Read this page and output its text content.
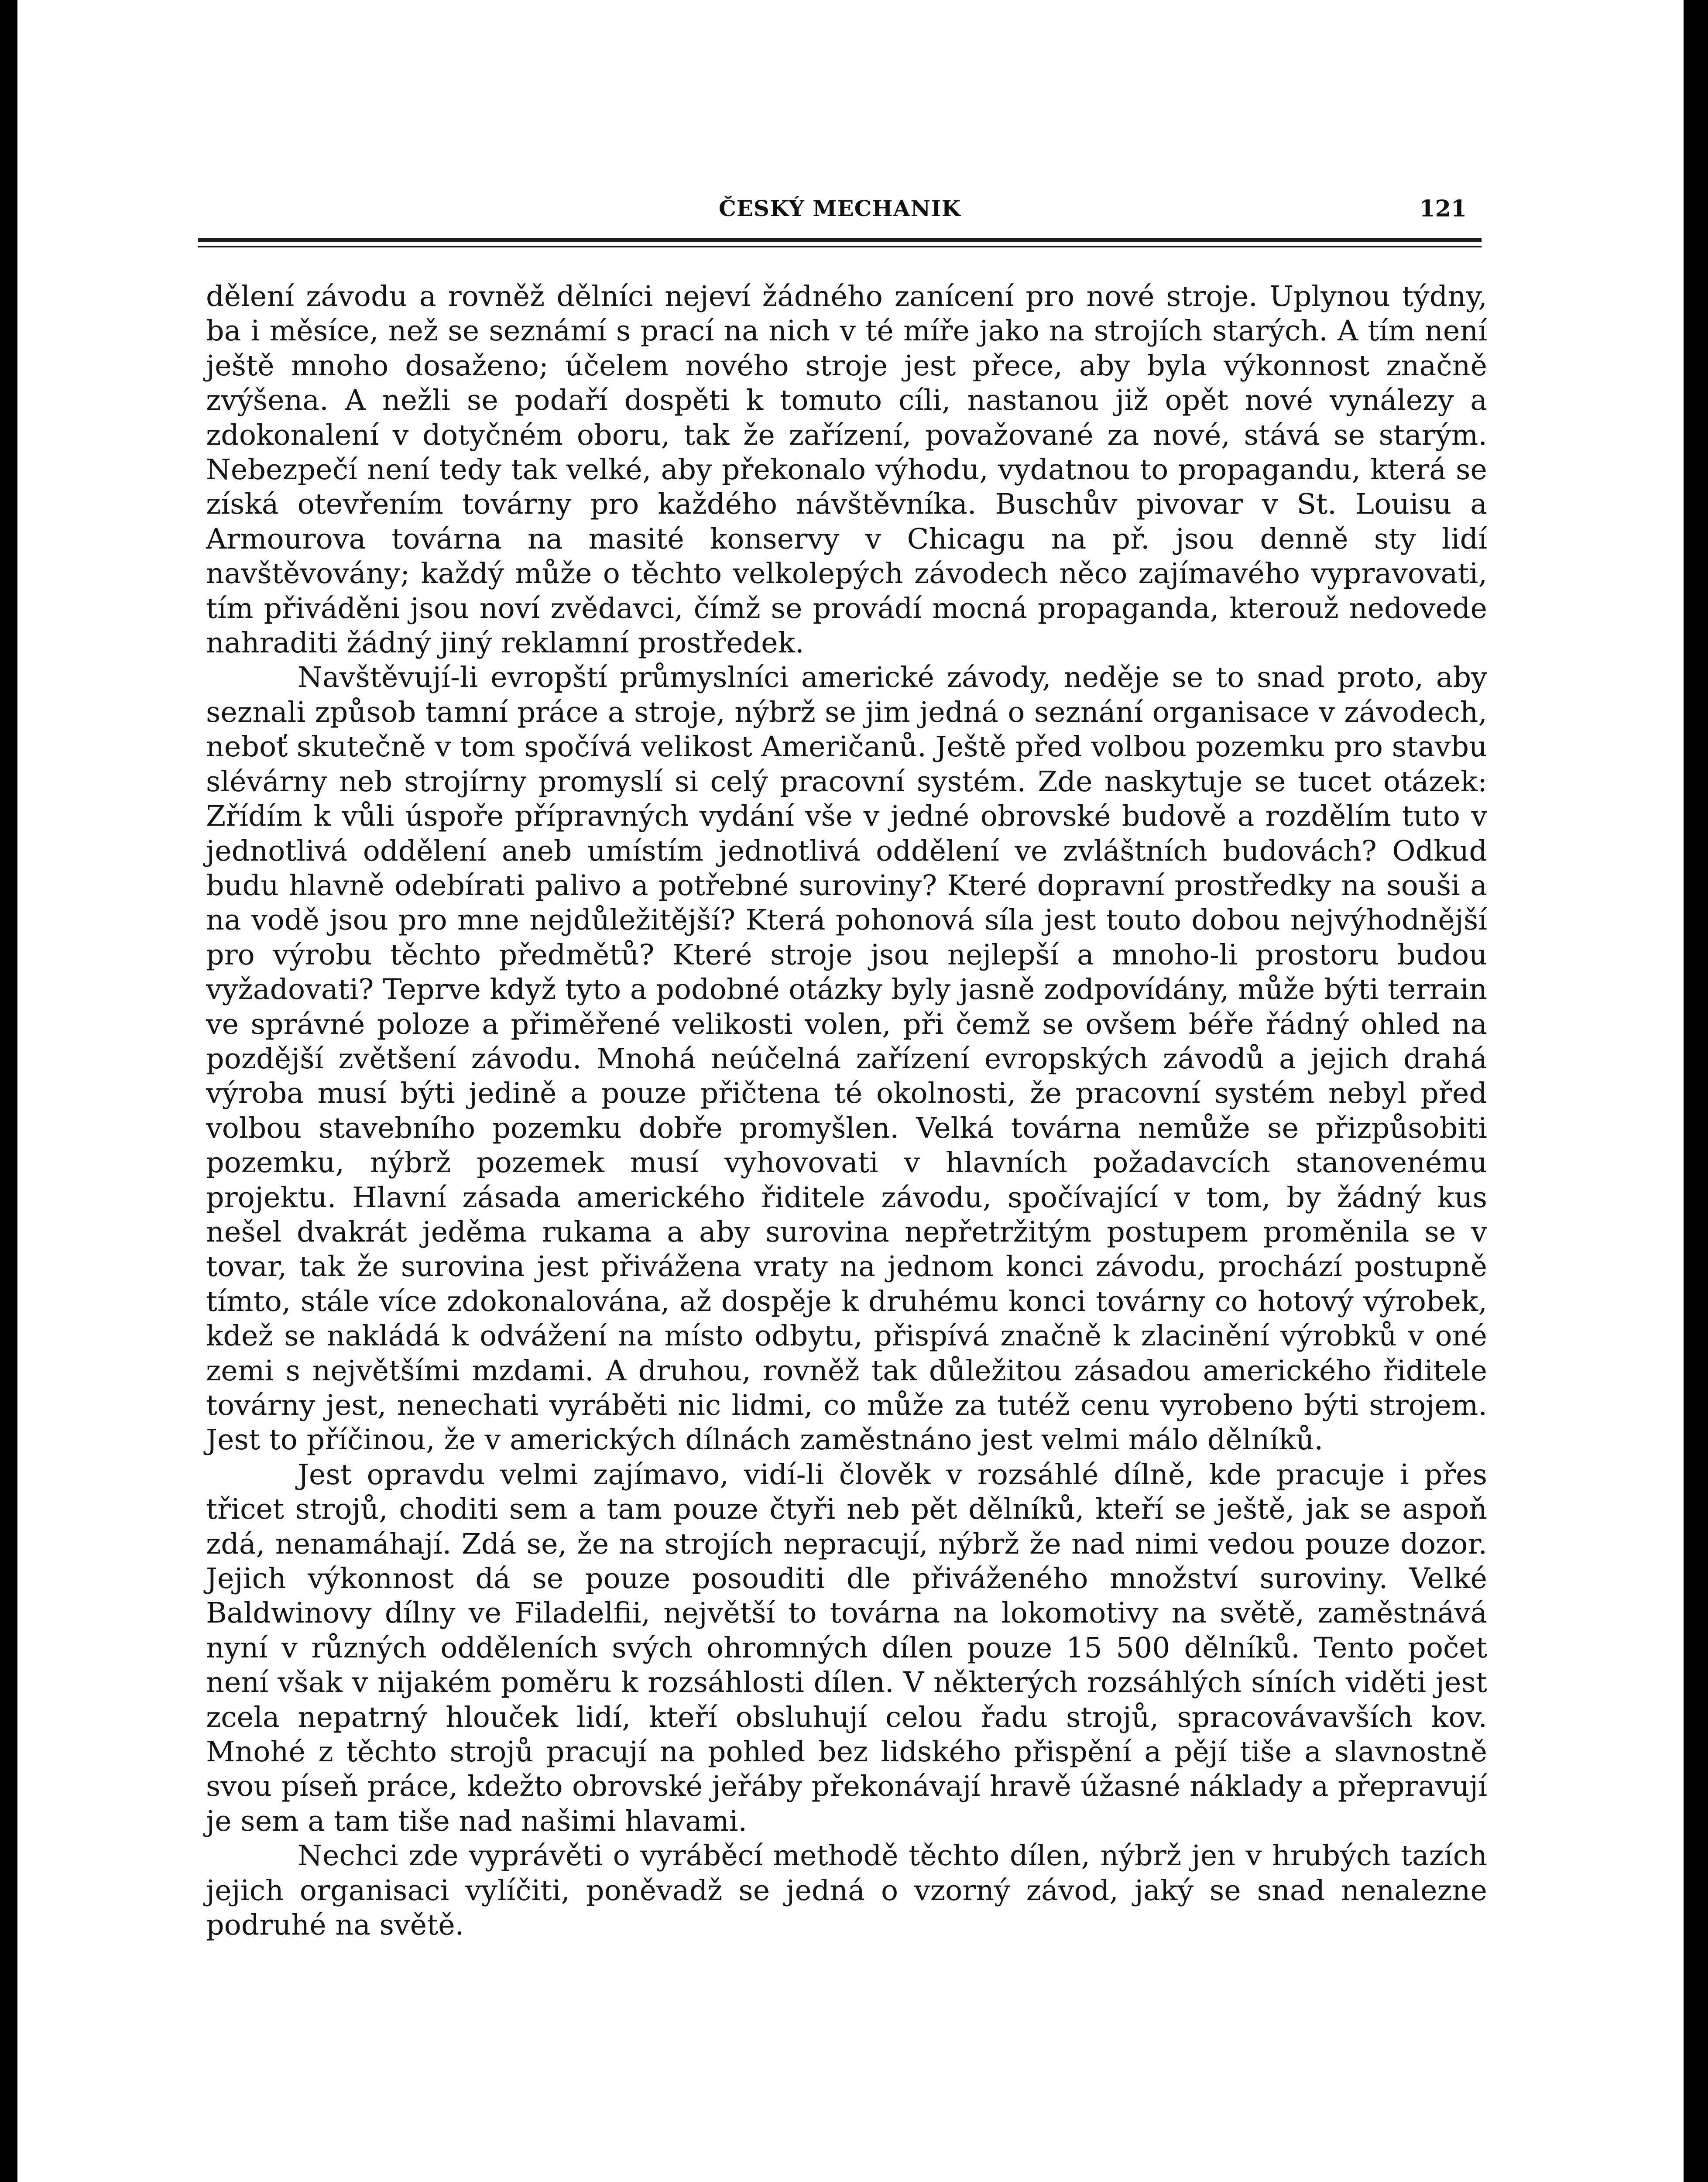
ČESKÝ MECHANIK	121

dělení závodu a rovněž dělníci nejeví žádného zanícení pro nové stroje. Uplynou týdny, ba i měsíce, než se seznámí s prací na nich v té míře jako na strojích starých. A tím není ještě mnoho dosaženo; účelem nového stroje jest přece, aby byla výkonnost značně zvýšena. A nežli se podaří dospěti k tomuto cíli, nastanou již opět nové vynálezy a zdokonalení v dotyčném oboru, tak že zařízení, považované za nové, stává se starým. Nebezpečí není tedy tak velké, aby překonalo výhodu, vydatnou to propagandu, která se získá otevřením továrny pro každého návštěvníka. Buschův pivovar v St. Louisu a Armourova továrna na masité konservy v Chicagu na př. jsou denně sty lidí navštěvovány; každý může o těchto velkolepých závodech něco zajímavého vypravovati, tím přiváděni jsou noví zvědavci, čímž se provádí mocná propaganda, kterouž nedovede nahraditi žádný jiný reklamní prostředek.

Navštěvují-li evropští průmyslníci americké závody, neděje se to snad proto, aby seznali způsob tamní práce a stroje, nýbrž se jim jedná o seznání organisace v závodech, neboť skutečně v tom spočívá velikost Američanů. Ještě před volbou pozemku pro stavbu slévárny neb strojírny promyslí si celý pracovní systém. Zde naskytuje se tucet otázek: Zřídím k vůli úspoře přípravných vydání vše v jedné obrovské budově a rozdělím tuto v jednotlivá oddělení aneb umístím jednotlivá oddělení ve zvláštních budovách? Odkud budu hlavně odebírati palivo a potřebné suroviny? Které dopravní prostředky na souši a na vodě jsou pro mne nejdůležitější? Která pohonová síla jest touto dobou nejvýhodnější pro výrobu těchto předmětů? Které stroje jsou nejlepší a mnoho-li prostoru budou vyžadovati? Teprve když tyto a podobné otázky byly jasně zodpovídány, může býti terrain ve správné poloze a přiměřené velikosti volen, při čemž se ovšem béře řádný ohled na pozdější zvětšení závodu. Mnohá neúčelná zařízení evropských závodů a jejich drahá výroba musí býti jedině a pouze přičtena té okolnosti, že pracovní systém nebyl před volbou stavebního pozemku dobře promyšlen. Velká továrna nemůže se přizpůsobiti pozemku, nýbrž pozemek musí vyhovovati v hlavních požadavcích stanovenému projektu. Hlavní zásada amerického řiditele závodu, spočívající v tom, by žádný kus nešel dvakrát jeděma rukama a aby surovina nepřetržitým postupem proměnila se v tovar, tak že surovina jest přivážena vraty na jednom konci závodu, prochází postupně tímto, stále více zdokonalována, až dospěje k druhému konci továrny co hotový výrobek, kdež se nakládá k odvážení na místo odbytu, přispívá značně k zlacinění výrobků v oné zemi s největšími mzdami. A druhou, rovněž tak důležitou zásadou amerického řiditele továrny jest, nenechati vyráběti nic lidmi, co může za tutéž cenu vyrobeno býti strojem. Jest to příčinou, že v amerických dílnách zaměstnáno jest velmi málo dělníků.

Jest opravdu velmi zajímavo, vidí-li člověk v rozsáhlé dílně, kde pracuje i přes třicet strojů, choditi sem a tam pouze čtyři neb pět dělníků, kteří se ještě, jak se aspoň zdá, nenamáhají. Zdá se, že na strojích nepracují, nýbrž že nad nimi vedou pouze dozor. Jejich výkonnost dá se pouze posouditi dle přiváženého množství suroviny. Velké Baldwinovy dílny ve Filadelfii, největší to továrna na lokomotivy na světě, zaměstnává nyní v různých odděleních svých ohromných dílen pouze 15 500 dělníků. Tento počet není však v nijakém poměru k rozsáhlosti dílen. V některých rozsáhlých síních viděti jest zcela nepatrný hlouček lidí, kteří obsluhují celou řadu strojů, spracovávavších kov. Mnohé z těchto strojů pracují na pohled bez lidského přispění a pějí tiše a slavnostně svou píseň práce, kdežto obrovské jeřáby překonávají hravě úžasné náklady a přepravují je sem a tam tiše nad našimi hlavami.

Nechci zde vyprávěti o vyráběcí methodě těchto dílen, nýbrž jen v hrubých tazích jejich organisaci vylíčiti, poněvadž se jedná o vzorný závod, jaký se snad nenalezne podruhé na světě.
